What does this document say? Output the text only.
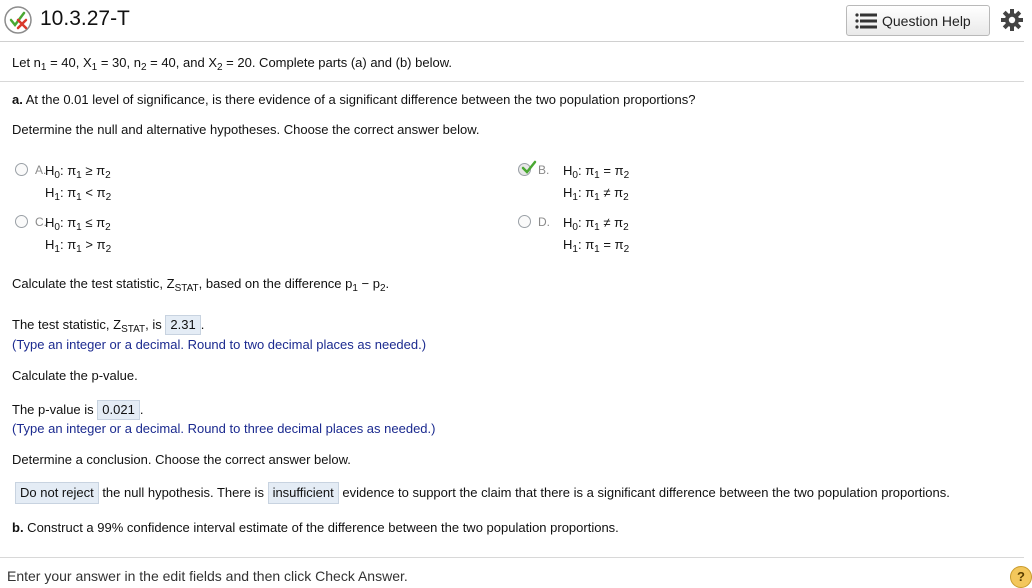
10.3.27-T	Question Help
Let $n_1 = 40$, $X_1 = 30$, $n_2 = 40$, and $X_2 = 20$. Complete parts (a) and (b) below.
a. At the 0.01 level of significance, is there evidence of a significant difference between the two population proportions?
Determine the null and alternative hypotheses. Choose the correct answer below.
A.
$H_0$: $\pi_1 \ge \pi_2$
$H_1$: $\pi_1 < \pi_2$
B. $H_0$: $\pi_1 = \pi_2$
$H_1$: $\pi_1 \ne \pi_2$
C.
$H_0$: $\pi_1 \le \pi_2$
$H_1$: $\pi_1 > \pi_2$
D. $H_0$: $\pi_1 \ne \pi_2$
$H_1$: $\pi_1 = \pi_2$
Calculate the test statistic, $Z_{STAT}$, based on the difference $p_1 - p_2$.
The test statistic, $Z_{STAT}$, is 2.31 .
(Type an integer or a decimal. Round to two decimal places as needed.)
Calculate the p-value.
The p-value is 0.021 .
(Type an integer or a decimal. Round to three decimal places as needed.)
Determine a conclusion. Choose the correct answer below.
Do not reject the null hypothesis. There is insufficient evidence to support the claim that there is a significant difference between the two population proportions.
b. Construct a 99% confidence interval estimate of the difference between the two population proportions.
Enter your answer in the edit fields and then click Check Answer.	?
